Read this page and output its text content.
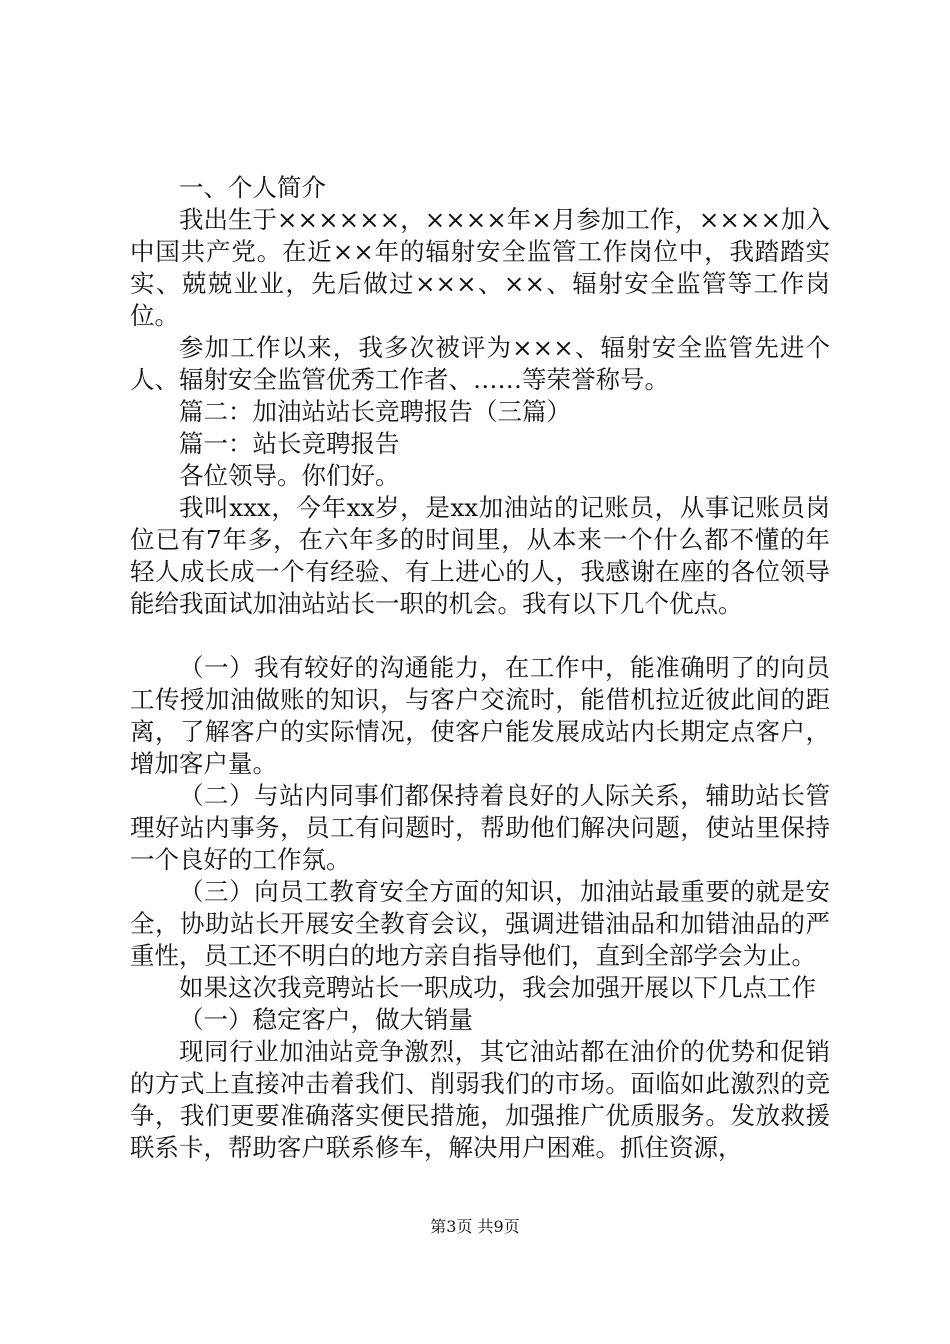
一、个人简介

我出生于××××××，××××年×月参加工作，××××加入中国共产党。在近××年的辐射安全监管工作岗位中，我踏踏实实、兢兢业业，先后做过×××、××、辐射安全监管等工作岗位。

参加工作以来，我多次被评为×××、辐射安全监管先进个人、辐射安全监管优秀工作者、……等荣誉称号。

篇二：加油站站长竞聘报告（三篇）

篇一：站长竞聘报告

各位领导。你们好。

我叫xxx，今年xx岁，是xx加油站的记账员，从事记账员岗位已有7年多，在六年多的时间里，从本来一个什么都不懂的年轻人成长成一个有经验、有上进心的人，我感谢在座的各位领导能给我面试加油站站长一职的机会。我有以下几个优点。

（一）我有较好的沟通能力，在工作中，能准确明了的向员工传授加油做账的知识，与客户交流时，能借机拉近彼此间的距离，了解客户的实际情况，使客户能发展成站内长期定点客户，增加客户量。

（二）与站内同事们都保持着良好的人际关系，辅助站长管理好站内事务，员工有问题时，帮助他们解决问题，使站里保持一个良好的工作氛。

（三）向员工教育安全方面的知识，加油站最重要的就是安全，协助站长开展安全教育会议，强调进错油品和加错油品的严重性，员工还不明白的地方亲自指导他们，直到全部学会为止。

如果这次我竞聘站长一职成功，我会加强开展以下几点工作

（一）稳定客户，做大销量

现同行业加油站竞争激烈，其它油站都在油价的优势和促销的方式上直接冲击着我们、削弱我们的市场。面临如此激烈的竞争，我们更要准确落实便民措施，加强推广优质服务。发放救援联系卡，帮助客户联系修车，解决用户困难。抓住资源，

第3页 共9页
